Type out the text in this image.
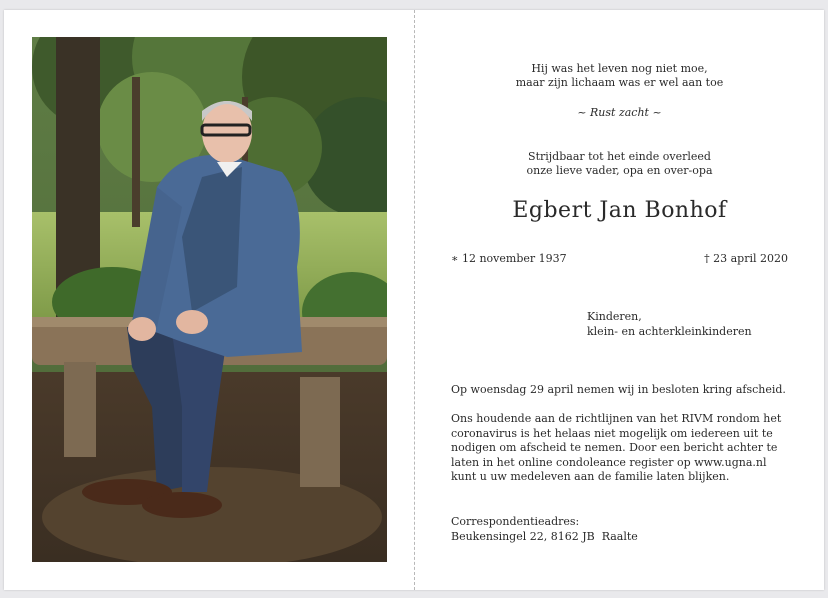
Hij was het leven nog niet moe,
maar zijn lichaam was er wel aan toe
~ Rust zacht ~
Strijdbaar tot het einde overleed
onze lieve vader, opa en over-opa
Egbert Jan Bonhof
∗ 12 november 1937	† 23 april 2020
Kinderen,
klein- en achterkleinkinderen
Op woensdag 29 april nemen wij in besloten kring afscheid.
Ons houdende aan de richtlijnen van het RIVM rondom het
coronavirus is het helaas niet mogelijk om iedereen uit te
nodigen om afscheid te nemen. Door een bericht achter te
laten in het online condoleance register op www.ugna.nl
kunt u uw medeleven aan de familie laten blijken.
Correspondentieadres:
Beukensingel 22, 8162 JB  Raalte
